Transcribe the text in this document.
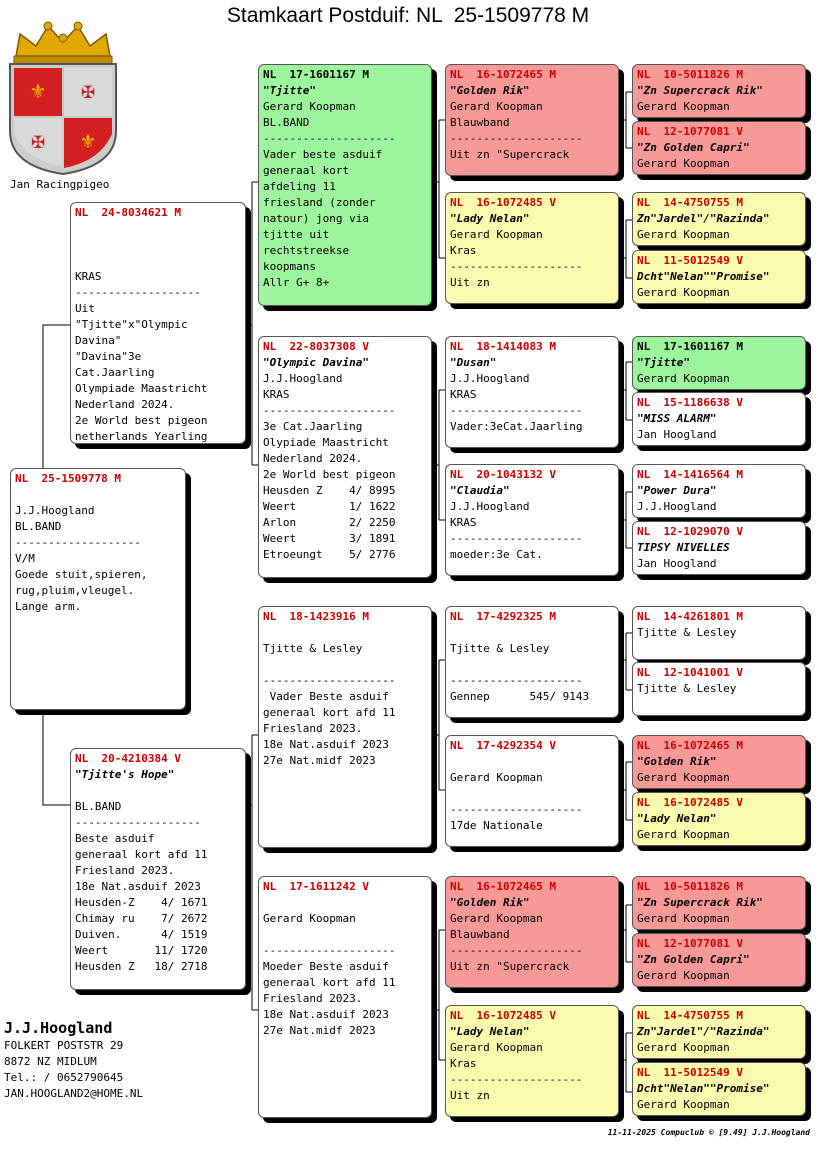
Stamkaart Postduif: NL  25-1509778 M
⚜ ✠
✠ ⚜
Jan Racingpigeo
NL  25-1509778 M
J.J.Hoogland
BL.BAND
-------------------
V/M
Goede stuit,spieren,
rug,pluim,vleugel.
Lange arm.
NL  24-8034621 M
KRAS
-------------------
Uit
"Tjitte"x"Olympic
Davina"
"Davina"3e
Cat.Jaarling
Olympiade Maastricht
Nederland 2024.
2e World best pigeon
netherlands Yearling
NL  20-4210384 V
"Tjitte's Hope"
BL.BAND
-------------------
Beste asduif
generaal kort afd 11
Friesland 2023.
18e Nat.asduif 2023
Heusden-Z    4/ 1671
Chimay ru    7/ 2672
Duiven.      4/ 1519
Weert       11/ 1720
Heusden Z   18/ 2718
NL  17-1601167 M
"Tjitte"
Gerard Koopman
BL.BAND
--------------------
Vader beste asduif
generaal kort
afdeling 11
friesland (zonder
natour) jong via
tjitte uit
rechtstreekse
koopmans
Allr G+ 8+
NL  22-8037308 V
"Olympic Davina"
J.J.Hoogland
KRAS
--------------------
3e Cat.Jaarling
Olypiade Maastricht
Nederland 2024.
2e World best pigeon
Heusden Z    4/ 8995
Weert        1/ 1622
Arlon        2/ 2250
Weert        3/ 1891
Etroeungt    5/ 2776
NL  18-1423916 M
Tjitte & Lesley
--------------------
Vader Beste asduif
generaal kort afd 11
Friesland 2023.
18e Nat.asduif 2023
27e Nat.midf 2023
NL  17-1611242 V
Gerard Koopman
--------------------
Moeder Beste asduif
generaal kort afd 11
Friesland 2023.
18e Nat.asduif 2023
27e Nat.midf 2023
NL  16-1072465 M
"Golden Rik"
Gerard Koopman
Blauwband
--------------------
Uit zn "Supercrack
NL  16-1072485 V
"Lady Nelan"
Gerard Koopman
Kras
--------------------
Uit zn
NL  18-1414083 M
"Dusan"
J.J.Hoogland
KRAS
--------------------
Vader:3eCat.Jaarling
NL  20-1043132 V
"Claudia"
J.J.Hoogland
KRAS
--------------------
moeder:3e Cat.
NL  17-4292325 M
Tjitte & Lesley
--------------------
Gennep      545/ 9143
NL  17-4292354 V
Gerard Koopman
--------------------
17de Nationale
NL  16-1072465 M
"Golden Rik"
Gerard Koopman
Blauwband
--------------------
Uit zn "Supercrack
NL  16-1072485 V
"Lady Nelan"
Gerard Koopman
Kras
--------------------
Uit zn
NL  10-5011826 M
"Zn Supercrack Rik"
Gerard Koopman
NL  12-1077081 V
"Zn Golden Capri"
Gerard Koopman
NL  14-4750755 M
Zn"Jardel"/"Razinda"
Gerard Koopman
NL  11-5012549 V
Dcht"Nelan""Promise"
Gerard Koopman
NL  17-1601167 M
"Tjitte"
Gerard Koopman
NL  15-1186638 V
"MISS ALARM"
Jan Hoogland
NL  14-1416564 M
"Power Dura"
J.J.Hoogland
NL  12-1029070 V
TIPSY NIVELLES
Jan Hoogland
NL  14-4261801 M
Tjitte & Lesley
NL  12-1041001 V
Tjitte & Lesley
NL  16-1072465 M
"Golden Rik"
Gerard Koopman
NL  16-1072485 V
"Lady Nelan"
Gerard Koopman
NL  10-5011826 M
"Zn Supercrack Rik"
Gerard Koopman
NL  12-1077081 V
"Zn Golden Capri"
Gerard Koopman
NL  14-4750755 M
Zn"Jardel"/"Razinda"
Gerard Koopman
NL  11-5012549 V
Dcht"Nelan""Promise"
Gerard Koopman
J.J.Hoogland
FOLKERT POSTSTR 29
8872 NZ MIDLUM
Tel.: / 0652790645
JAN.HOOGLAND2@HOME.NL
11-11-2025 Compuclub © [9.49] J.J.Hoogland
